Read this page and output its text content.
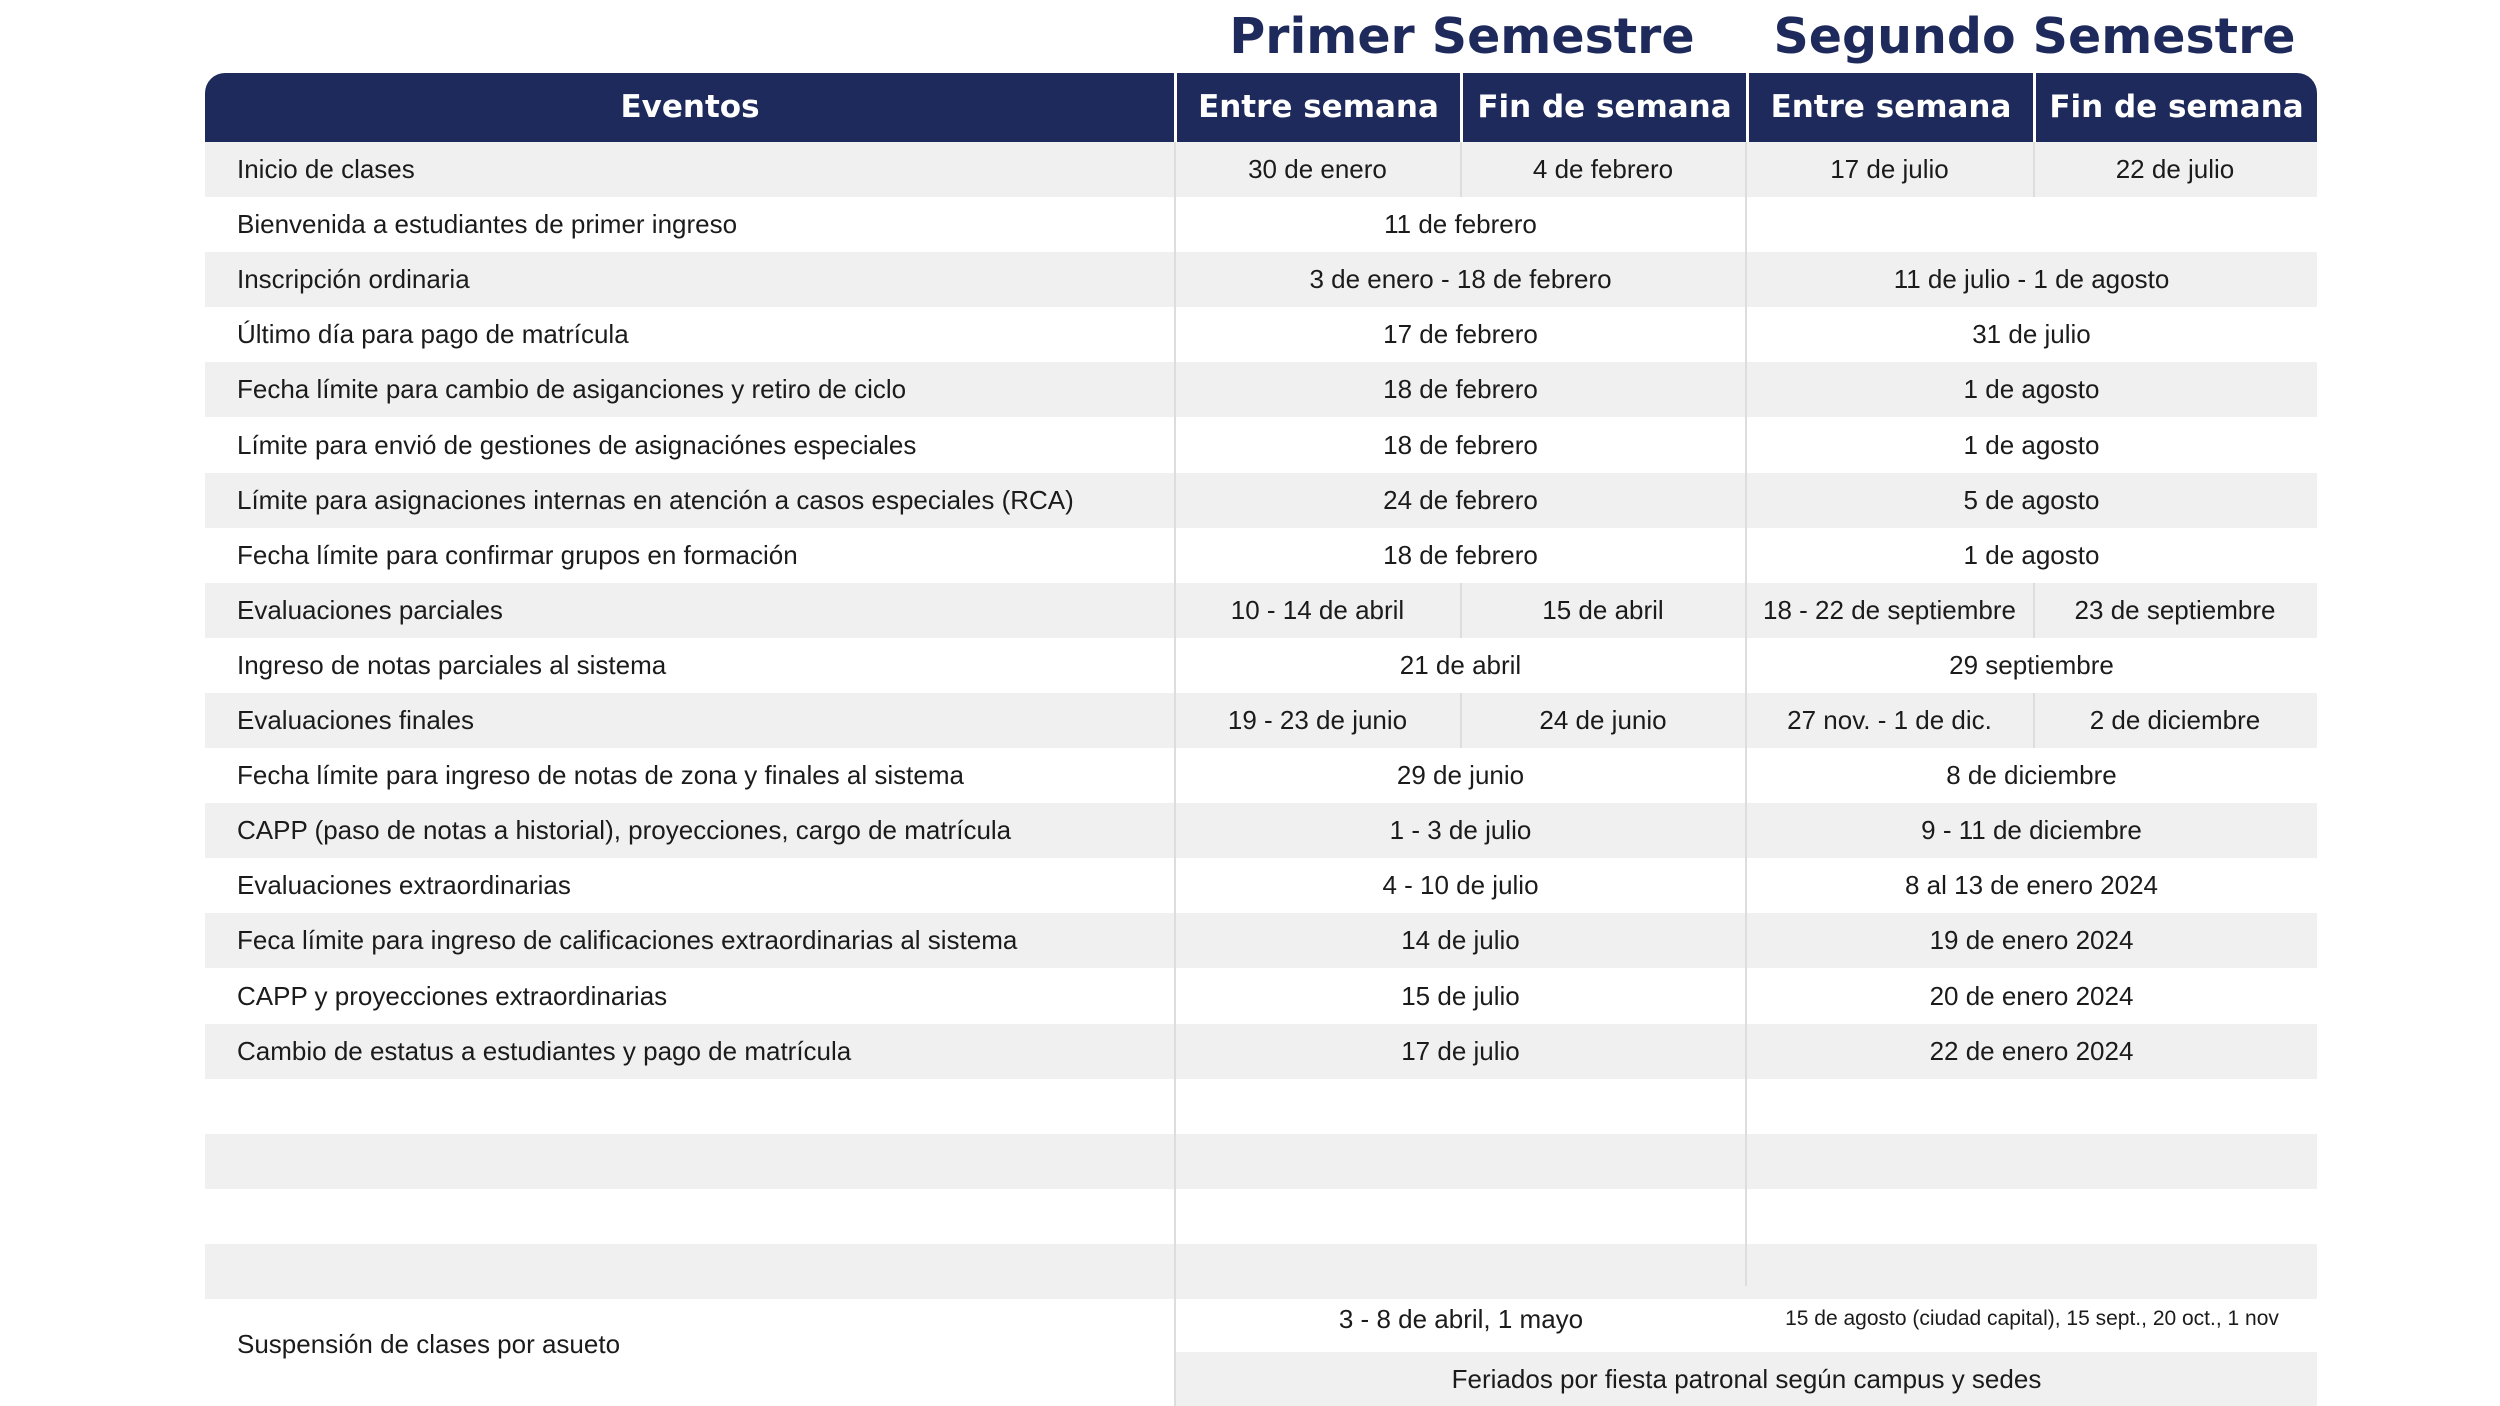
Primer Semestre	Segundo Semestre
Eventos	Entre semana	Fin de semana	Entre semana	Fin de semana
Inicio de clases	30 de enero	4 de febrero	17 de julio	22 de julio
Bienvenida a estudiantes de primer ingreso	11 de febrero
Inscripción ordinaria	3 de enero - 18 de febrero	11 de julio - 1 de agosto
Último día para pago de matrícula	17 de febrero	31 de julio
Fecha límite para cambio de asiganciones y retiro de ciclo	18 de febrero	1 de agosto
Límite para envió de gestiones de asignaciónes especiales	18 de febrero	1 de agosto
Límite para asignaciones internas en atención a casos especiales (RCA)	24 de febrero	5 de agosto
Fecha límite para confirmar grupos en formación	18 de febrero	1 de agosto
Evaluaciones parciales	10 - 14 de abril	15 de abril	18 - 22 de septiembre	23 de septiembre
Ingreso de notas parciales al sistema	21 de abril	29 septiembre
Evaluaciones finales	19 - 23 de junio	24 de junio	27 nov. - 1 de dic.	2 de diciembre
Fecha límite para ingreso de notas de zona y finales al sistema	29 de junio	8 de diciembre
CAPP (paso de notas a historial), proyecciones, cargo de matrícula	1 - 3 de julio	9 - 11 de diciembre
Evaluaciones extraordinarias	4 - 10 de julio	8 al 13 de enero 2024
Feca límite para ingreso de calificaciones extraordinarias al sistema	14 de julio	19 de enero 2024
CAPP y proyecciones extraordinarias	15 de julio	20 de enero 2024
Cambio de estatus a estudiantes y pago de matrícula	17 de julio	22 de enero 2024
Suspensión de clases por asueto
3 - 8 de abril, 1 mayo	15 de agosto (ciudad capital), 15 sept., 20 oct., 1 nov
Feriados por fiesta patronal según campus y sedes
